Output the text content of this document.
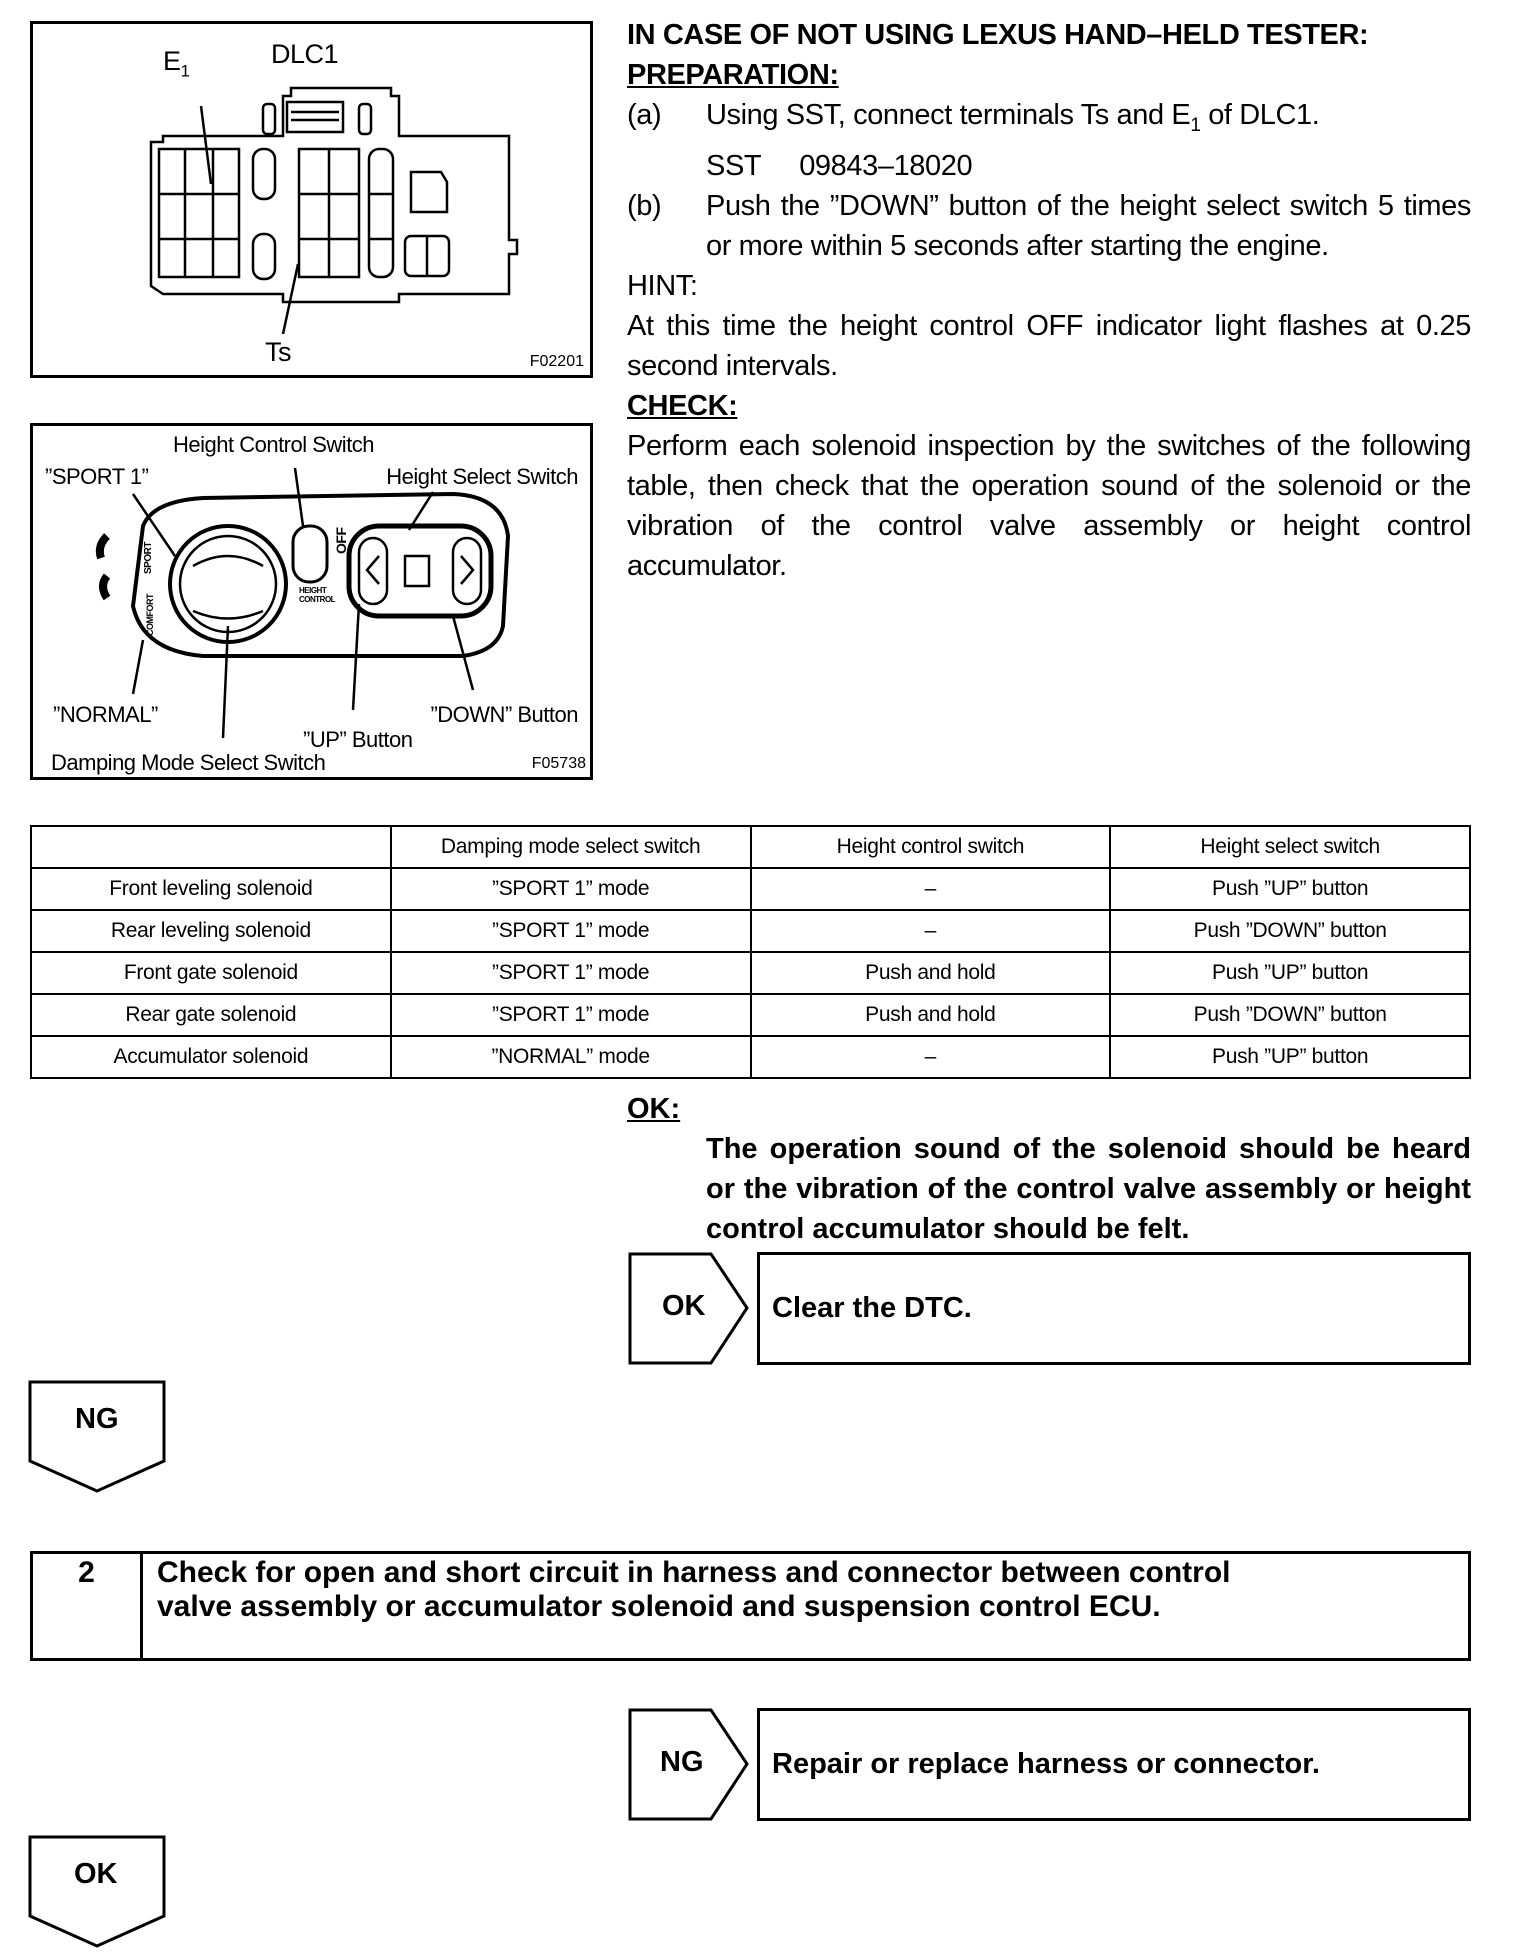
$E_1$
DLC1
Ts	F02201
OFF
SPORT
COMFORT
HEIGHT CONTROL
Height Control Switch
”SPORT 1”	Height Select Switch
”NORMAL”	”DOWN” Button
”UP” Button
Damping Mode Select Switch	F05738
IN CASE OF NOT USING LEXUS HAND–HELD TESTER:
PREPARATION:
(a)	Using SST, connect terminals Ts and $E_1$ of DLC1.
SST 09843–18020
(b)	Push the ”DOWN” button of the height select switch 5 times or more within 5 seconds after starting the engine.
HINT:
At this time the height control OFF indicator light flashes at 0.25 second intervals.
CHECK:
Perform each solenoid inspection by the switches of the following table, then check that the operation sound of the solenoid or the vibration of the control valve assembly or height control accumulator.
	Damping mode select switch	Height control switch	Height select switch
Front leveling solenoid	”SPORT 1” mode	–	Push ”UP” button
Rear leveling solenoid	”SPORT 1” mode	–	Push ”DOWN” button
Front gate solenoid	”SPORT 1” mode	Push and hold	Push ”UP” button
Rear gate solenoid	”SPORT 1” mode	Push and hold	Push ”DOWN” button
Accumulator solenoid	”NORMAL” mode	–	Push ”UP” button
OK:
The operation sound of the solenoid should be heard or the vibration of the control valve assembly or height control accumulator should be felt.
OK Clear the DTC.
NG
2	Check for open and short circuit in harness and connector between control
valve assembly or accumulator solenoid and suspension control ECU.
NG Repair or replace harness or connector.
OK
